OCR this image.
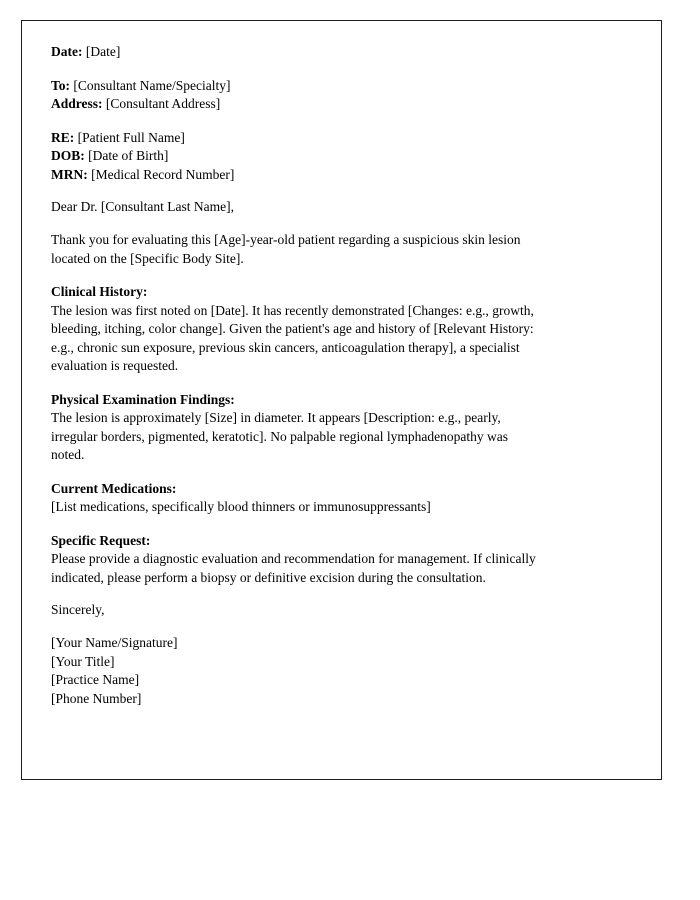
Date: [Date]

To: [Consultant Name/Specialty]
Address: [Consultant Address]

RE: [Patient Full Name]
DOB: [Date of Birth]
MRN: [Medical Record Number]

Dear Dr. [Consultant Last Name],

Thank you for evaluating this [Age]-year-old patient regarding a suspicious skin lesion
located on the [Specific Body Site].

Clinical History:
The lesion was first noted on [Date]. It has recently demonstrated [Changes: e.g., growth,
bleeding, itching, color change]. Given the patient's age and history of [Relevant History:
e.g., chronic sun exposure, previous skin cancers, anticoagulation therapy], a specialist
evaluation is requested.

Physical Examination Findings:
The lesion is approximately [Size] in diameter. It appears [Description: e.g., pearly,
irregular borders, pigmented, keratotic]. No palpable regional lymphadenopathy was
noted.

Current Medications:
[List medications, specifically blood thinners or immunosuppressants]

Specific Request:
Please provide a diagnostic evaluation and recommendation for management. If clinically
indicated, please perform a biopsy or definitive excision during the consultation.

Sincerely,

[Your Name/Signature]
[Your Title]
[Practice Name]
[Phone Number]
